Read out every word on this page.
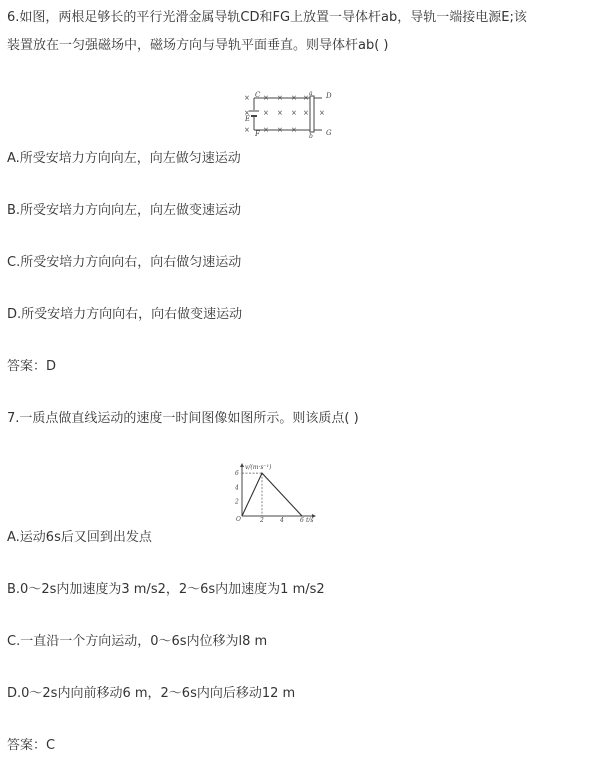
6.如图，两根足够长的平行光滑金属导轨CD和FG上放置一导体杆ab，导轨一端接电源E;该
装置放在一匀强磁场中，磁场方向与导轨平面垂直。则导体杆ab( )
C	D
F	G
a
b
E
× × × × ×
× × × × × ×
× × × ×
A.所受安培力方向向左，向左做匀速运动
B.所受安培力方向向左，向左做变速运动
C.所受安培力方向向右，向右做匀速运动
D.所受安培力方向向右，向右做变速运动
答案：D
7.一质点做直线运动的速度一时间图像如图所示。则该质点( )
v/(m·s⁻¹)
t/s
O	2	4	6
2
4
6
A.运动6s后又回到出发点
B.0～2s内加速度为3 m/s2，2～6s内加速度为1 m/s2
C.一直沿一个方向运动，0～6s内位移为l8 m
D.0～2s内向前移动6 m，2～6s内向后移动12 m
答案：C
